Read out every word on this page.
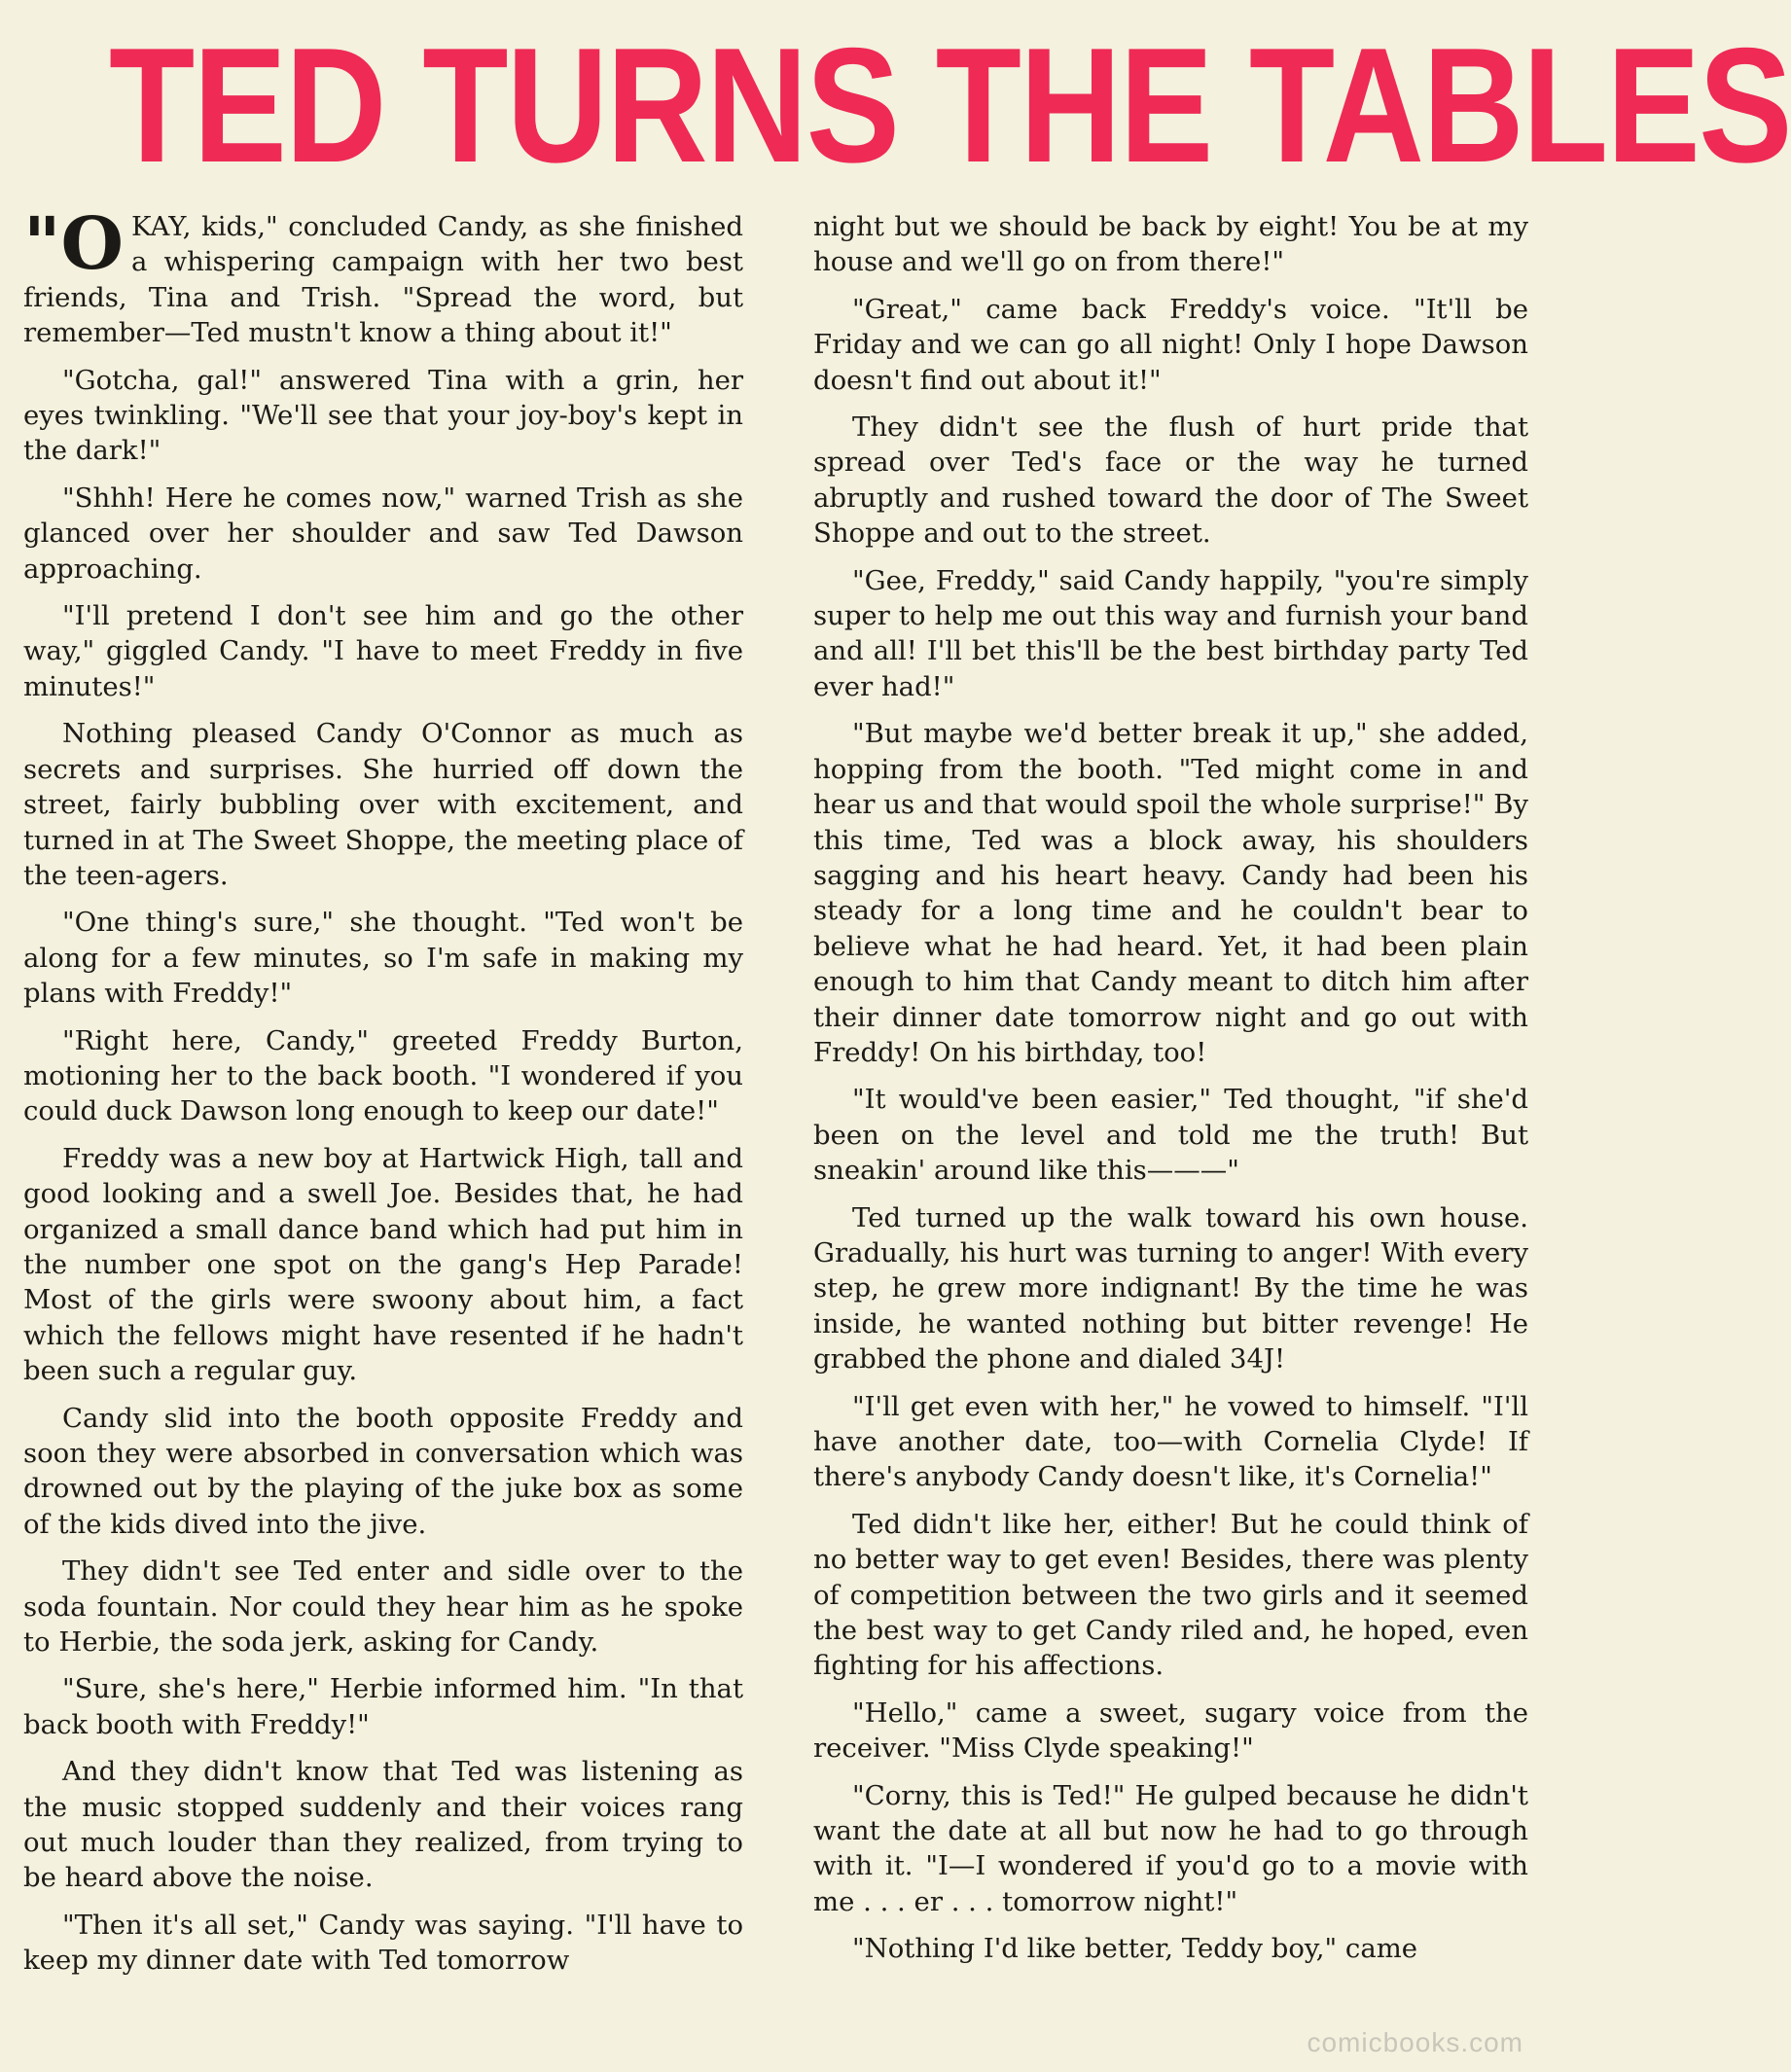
TED TURNS THE TABLES

"OKAY, kids," concluded Candy, as she finished a whispering campaign with her two best friends, Tina and Trish. "Spread the word, but remember—Ted mustn't know a thing about it!"

"Gotcha, gal!" answered Tina with a grin, her eyes twinkling. "We'll see that your joy-boy's kept in the dark!"

"Shhh! Here he comes now," warned Trish as she glanced over her shoulder and saw Ted Dawson approaching.

"I'll pretend I don't see him and go the other way," giggled Candy. "I have to meet Freddy in five minutes!"

Nothing pleased Candy O'Connor as much as secrets and surprises. She hurried off down the street, fairly bubbling over with excitement, and turned in at The Sweet Shoppe, the meeting place of the teen-agers.

"One thing's sure," she thought. "Ted won't be along for a few minutes, so I'm safe in making my plans with Freddy!"

"Right here, Candy," greeted Freddy Burton, motioning her to the back booth. "I wondered if you could duck Dawson long enough to keep our date!"

Freddy was a new boy at Hartwick High, tall and good looking and a swell Joe. Besides that, he had organized a small dance band which had put him in the number one spot on the gang's Hep Parade! Most of the girls were swoony about him, a fact which the fellows might have resented if he hadn't been such a regular guy.

Candy slid into the booth opposite Freddy and soon they were absorbed in conversation which was drowned out by the playing of the juke box as some of the kids dived into the jive.

They didn't see Ted enter and sidle over to the soda fountain. Nor could they hear him as he spoke to Herbie, the soda jerk, asking for Candy.

"Sure, she's here," Herbie informed him. "In that back booth with Freddy!"

And they didn't know that Ted was listening as the music stopped suddenly and their voices rang out much louder than they realized, from trying to be heard above the noise.

"Then it's all set," Candy was saying. "I'll have to keep my dinner date with Ted tomorrow

night but we should be back by eight! You be at my house and we'll go on from there!"

"Great," came back Freddy's voice. "It'll be Friday and we can go all night! Only I hope Dawson doesn't find out about it!"

They didn't see the flush of hurt pride that spread over Ted's face or the way he turned abruptly and rushed toward the door of The Sweet Shoppe and out to the street.

"Gee, Freddy," said Candy happily, "you're simply super to help me out this way and furnish your band and all! I'll bet this'll be the best birthday party Ted ever had!"

"But maybe we'd better break it up," she added, hopping from the booth. "Ted might come in and hear us and that would spoil the whole surprise!" By this time, Ted was a block away, his shoulders sagging and his heart heavy. Candy had been his steady for a long time and he couldn't bear to believe what he had heard. Yet, it had been plain enough to him that Candy meant to ditch him after their dinner date tomorrow night and go out with Freddy! On his birthday, too!

"It would've been easier," Ted thought, "if she'd been on the level and told me the truth! But sneakin' around like this———"

Ted turned up the walk toward his own house. Gradually, his hurt was turning to anger! With every step, he grew more indignant! By the time he was inside, he wanted nothing but bitter revenge! He grabbed the phone and dialed 34J!

"I'll get even with her," he vowed to himself. "I'll have another date, too—with Cornelia Clyde! If there's anybody Candy doesn't like, it's Cornelia!"

Ted didn't like her, either! But he could think of no better way to get even! Besides, there was plenty of competition between the two girls and it seemed the best way to get Candy riled and, he hoped, even fighting for his affections.

"Hello," came a sweet, sugary voice from the receiver. "Miss Clyde speaking!"

"Corny, this is Ted!" He gulped because he didn't want the date at all but now he had to go through with it. "I—I wondered if you'd go to a movie with me . . . er . . . tomorrow night!"

"Nothing I'd like better, Teddy boy," came

comicbooks.com
